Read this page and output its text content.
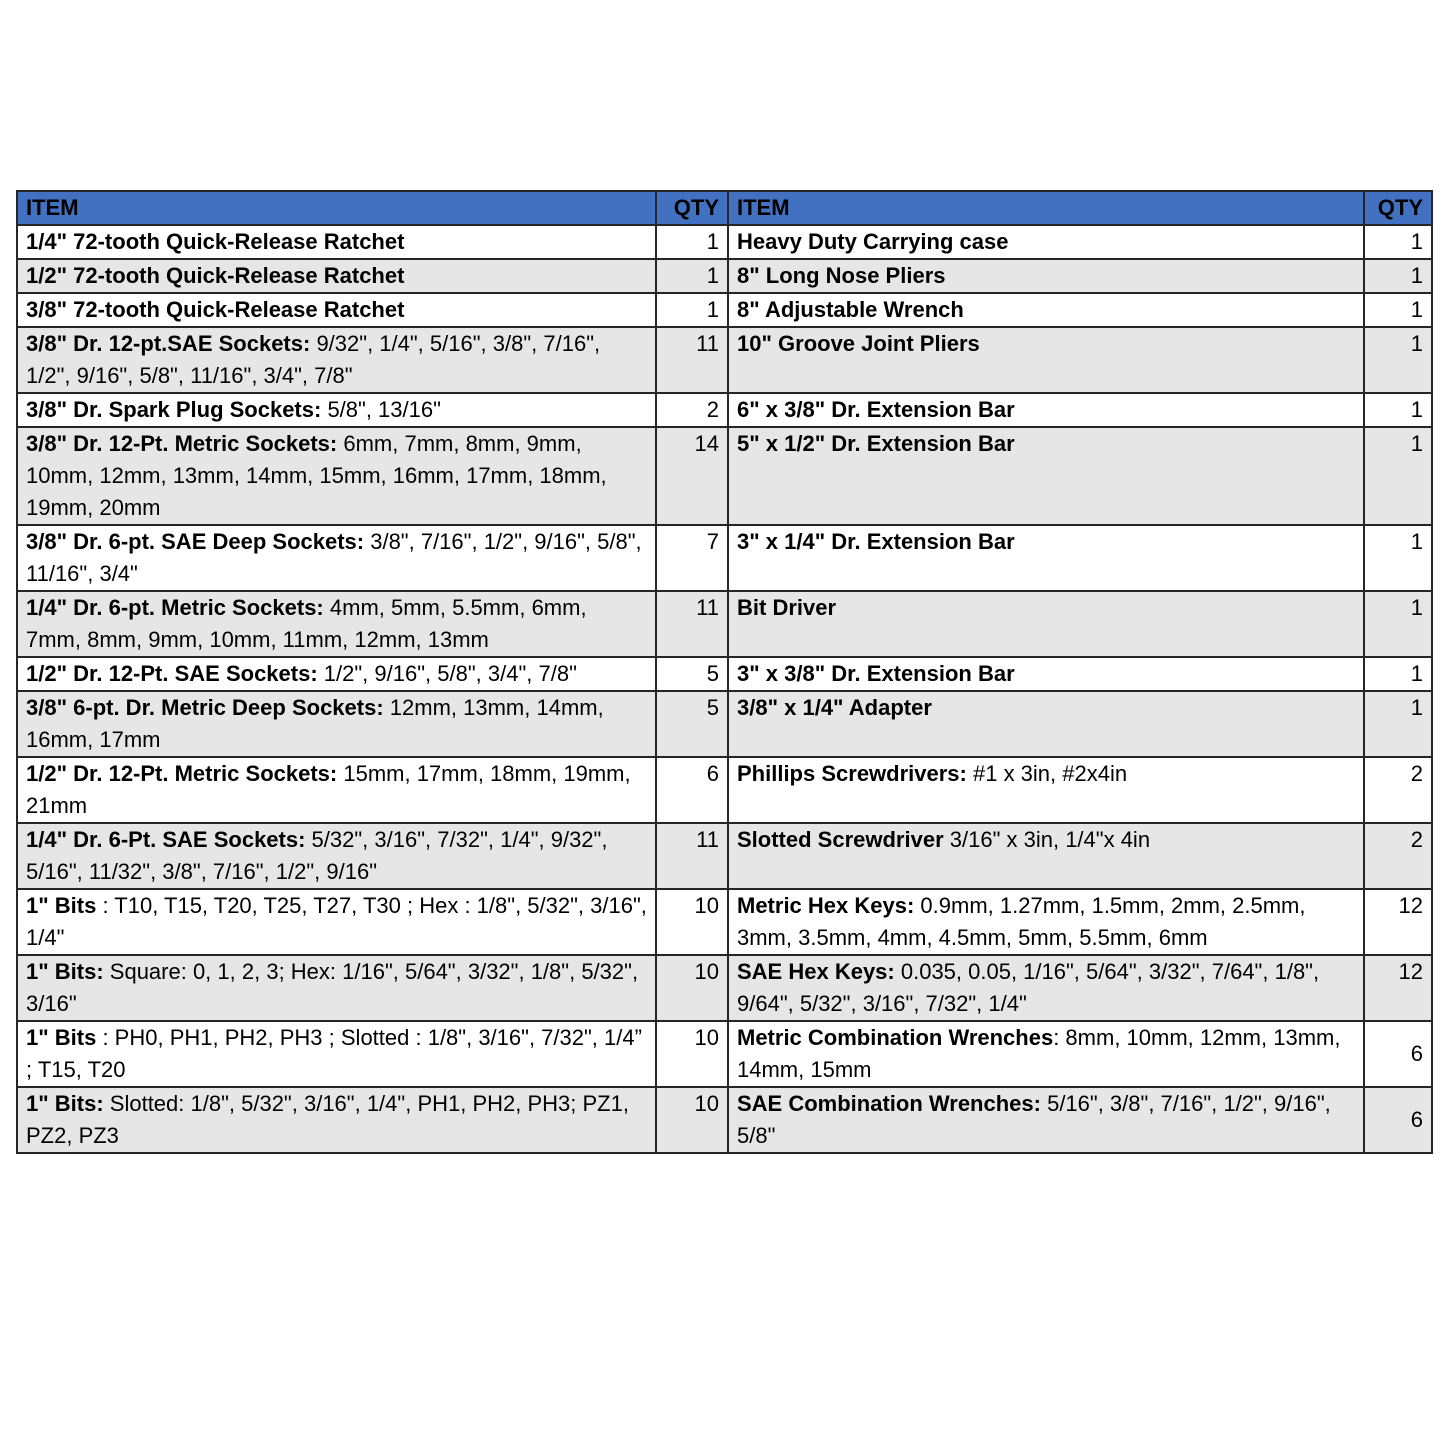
ITEM	QTY	ITEM	QTY
1/4" 72-tooth Quick-Release Ratchet	1	Heavy Duty Carrying case	1
1/2" 72-tooth Quick-Release Ratchet	1	8" Long Nose Pliers	1
3/8" 72-tooth Quick-Release Ratchet	1	8" Adjustable Wrench	1
3/8" Dr. 12-pt.SAE Sockets: 9/32", 1/4", 5/16", 3/8", 7/16", 1/2", 9/16", 5/8", 11/16", 3/4", 7/8"	11	10" Groove Joint Pliers	1
3/8" Dr. Spark Plug Sockets: 5/8", 13/16"	2	6" x 3/8" Dr. Extension Bar	1
3/8" Dr. 12-Pt. Metric Sockets: 6mm, 7mm, 8mm, 9mm, 10mm, 12mm, 13mm, 14mm, 15mm, 16mm, 17mm, 18mm, 19mm, 20mm	14	5" x 1/2" Dr. Extension Bar	1
3/8" Dr. 6-pt. SAE Deep Sockets: 3/8", 7/16", 1/2", 9/16", 5/8", 11/16", 3/4"	7	3" x 1/4" Dr. Extension Bar	1
1/4" Dr. 6-pt. Metric Sockets: 4mm, 5mm, 5.5mm, 6mm, 7mm, 8mm, 9mm, 10mm, 11mm, 12mm, 13mm	11	Bit Driver	1
1/2" Dr. 12-Pt. SAE Sockets: 1/2", 9/16", 5/8", 3/4", 7/8"	5	3" x 3/8" Dr. Extension Bar	1
3/8" 6-pt. Dr. Metric Deep Sockets: 12mm, 13mm, 14mm, 16mm, 17mm	5	3/8" x 1/4" Adapter	1
1/2" Dr. 12-Pt. Metric Sockets: 15mm, 17mm, 18mm, 19mm, 21mm	6	Phillips Screwdrivers: #1 x 3in, #2x4in	2
1/4" Dr. 6-Pt. SAE Sockets: 5/32", 3/16", 7/32", 1/4", 9/32", 5/16", 11/32", 3/8", 7/16", 1/2", 9/16"	11	Slotted Screwdriver 3/16" x 3in, 1/4"x 4in	2
1" Bits : T10, T15, T20, T25, T27, T30 ; Hex : 1/8", 5/32", 3/16", 1/4"	10	Metric Hex Keys: 0.9mm, 1.27mm, 1.5mm, 2mm, 2.5mm, 3mm, 3.5mm, 4mm, 4.5mm, 5mm, 5.5mm, 6mm	12
1" Bits: Square: 0, 1, 2, 3; Hex: 1/16", 5/64", 3/32", 1/8", 5/32", 3/16"	10	SAE Hex Keys: 0.035, 0.05, 1/16", 5/64", 3/32", 7/64", 1/8", 9/64", 5/32", 3/16", 7/32", 1/4"	12
1" Bits : PH0, PH1, PH2, PH3 ; Slotted : 1/8", 3/16", 7/32", 1/4” ; T15, T20	10	Metric Combination Wrenches: 8mm, 10mm, 12mm, 13mm, 14mm, 15mm	6
1" Bits: Slotted: 1/8", 5/32", 3/16", 1/4", PH1, PH2, PH3; PZ1, PZ2, PZ3	10	SAE Combination Wrenches: 5/16", 3/8", 7/16", 1/2", 9/16", 5/8"	6
